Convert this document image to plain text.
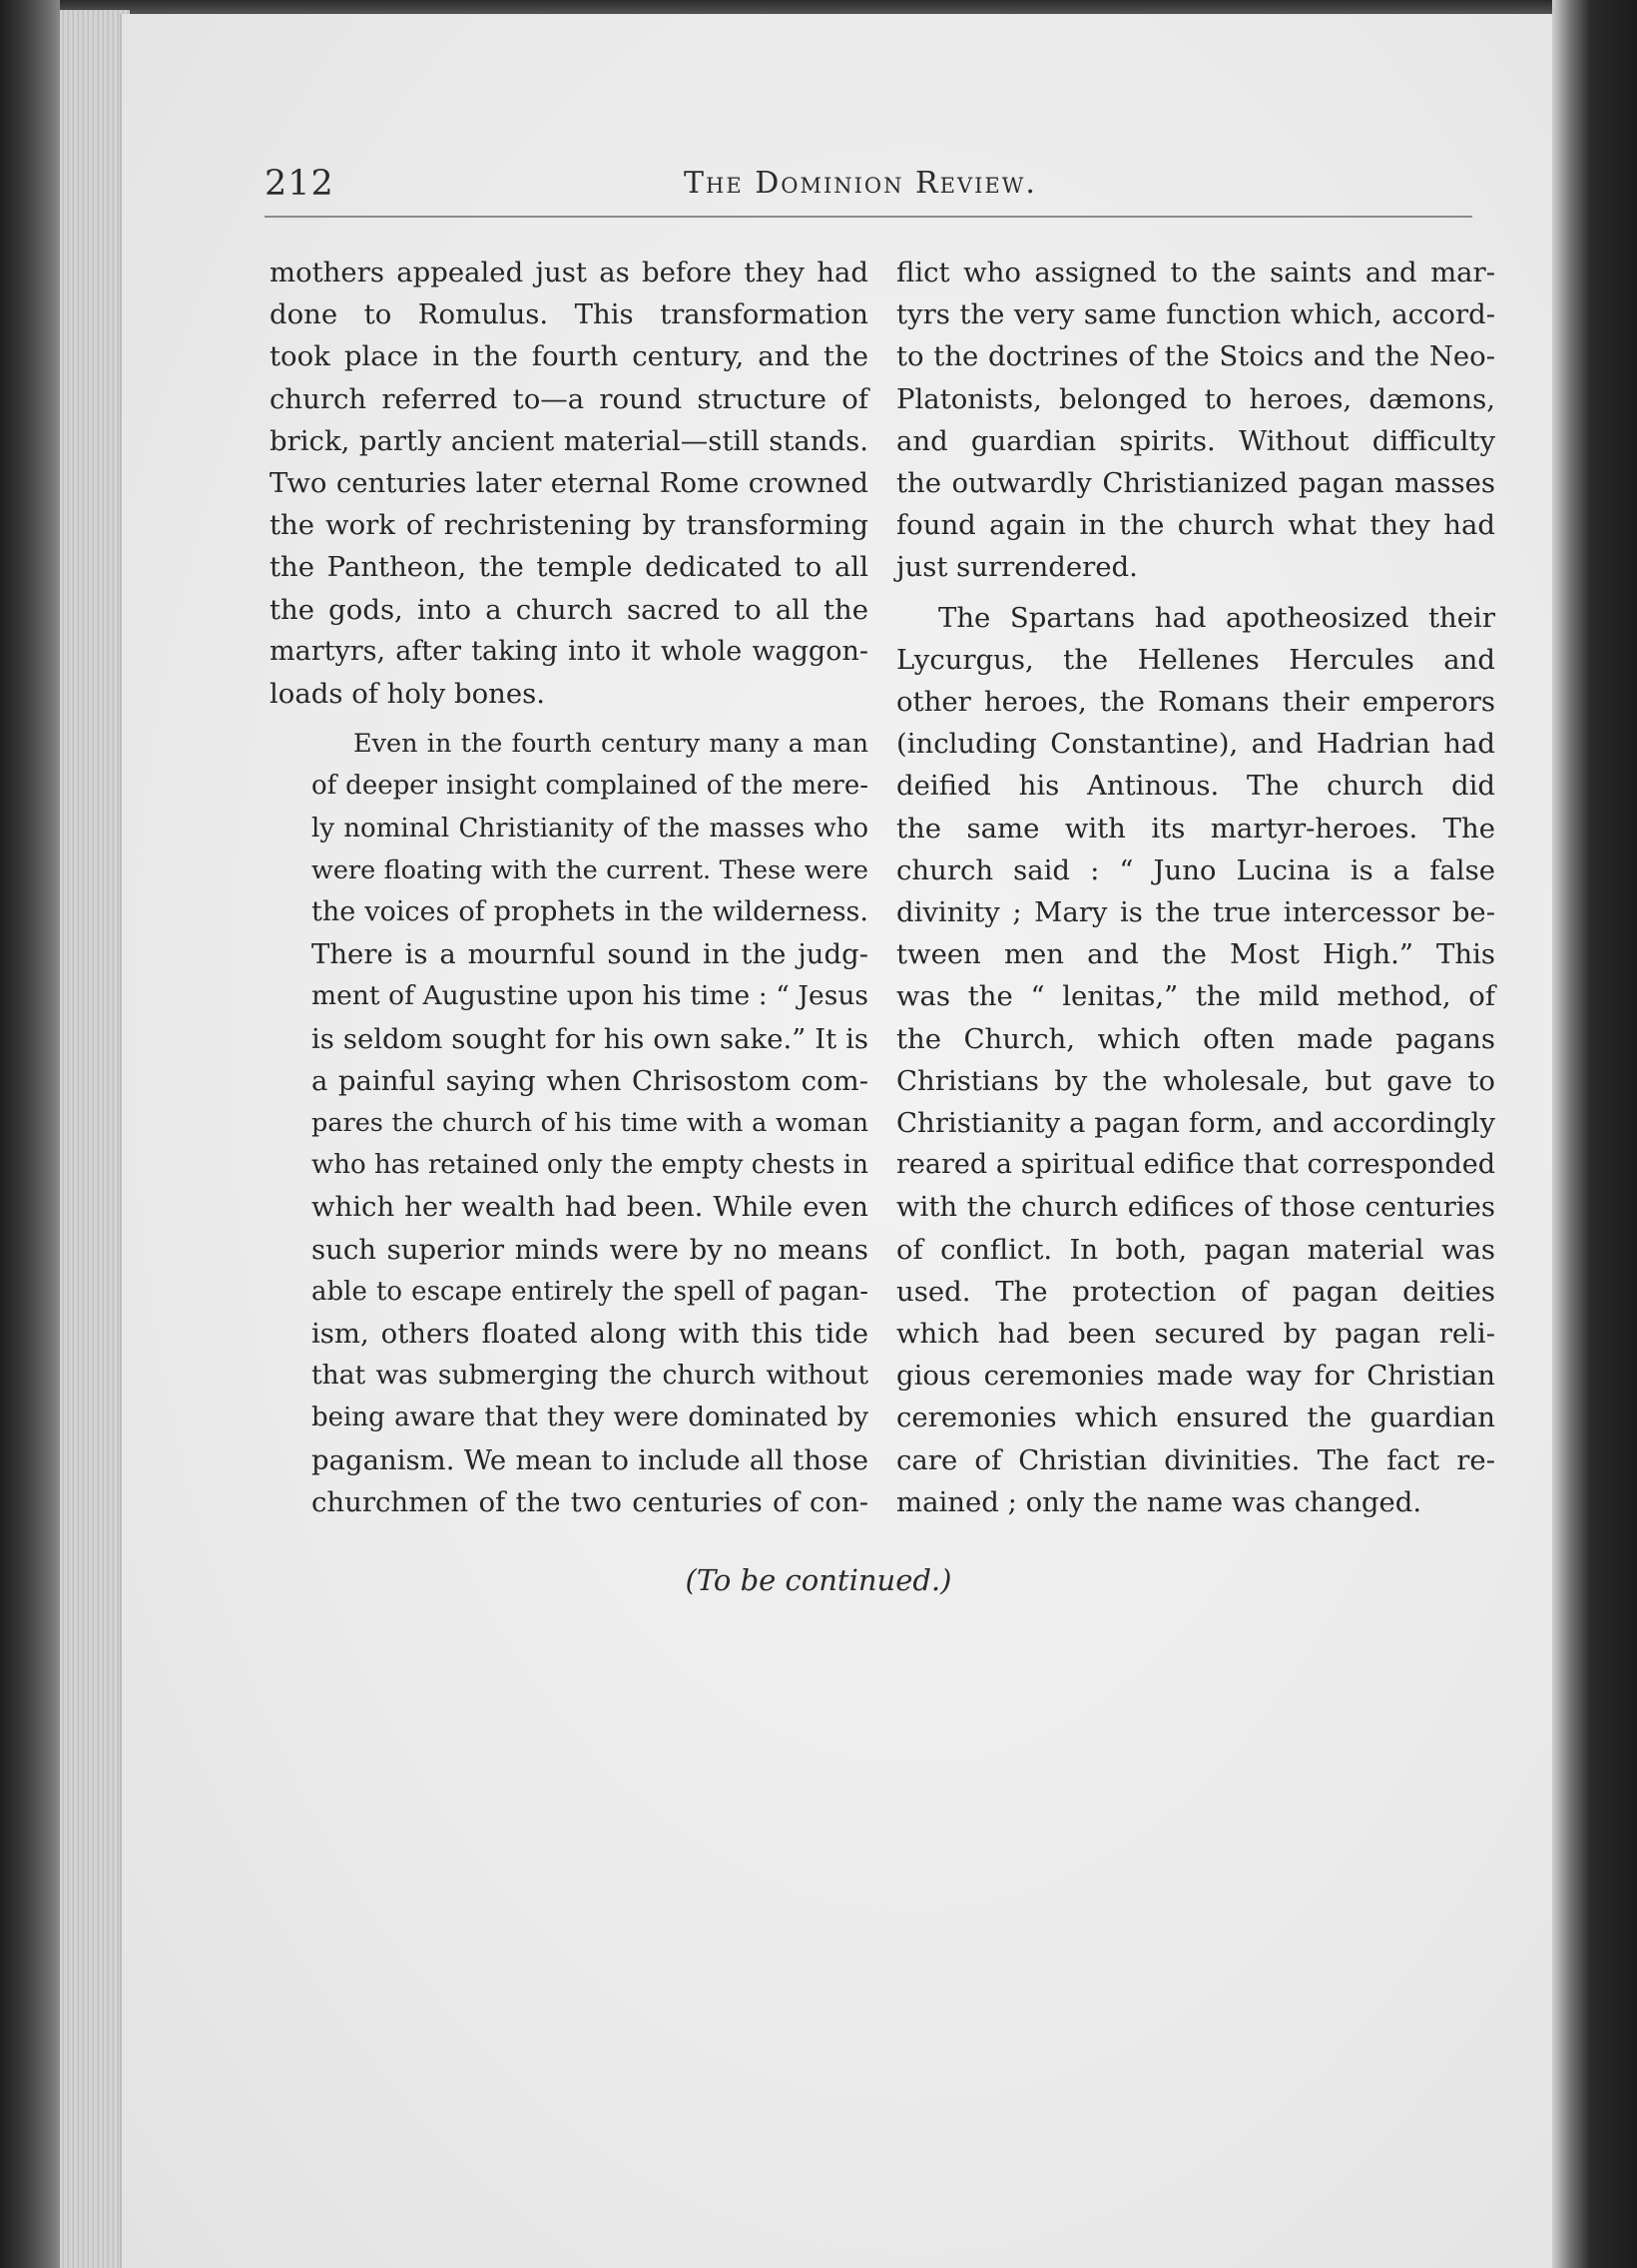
212	The Dominion Review.

mothers appealed just as before they had
done to Romulus. This transformation
took place in the fourth century, and the
church referred to—a round structure of
brick, partly ancient material—still stands.
Two centuries later eternal Rome crowned
the work of rechristening by transforming
the Pantheon, the temple dedicated to all
the gods, into a church sacred to all the
martyrs, after taking into it whole waggon-
loads of holy bones.

Even in the fourth century many a man
of deeper insight complained of the mere-
ly nominal Christianity of the masses who
were floating with the current. These were
the voices of prophets in the wilderness.
There is a mournful sound in the judg-
ment of Augustine upon his time : “ Jesus
is seldom sought for his own sake.” It is
a painful saying when Chrisostom com-
pares the church of his time with a woman
who has retained only the empty chests in
which her wealth had been. While even
such superior minds were by no means
able to escape entirely the spell of pagan-
ism, others floated along with this tide
that was submerging the church without
being aware that they were dominated by
paganism. We mean to include all those
churchmen of the two centuries of con-

flict who assigned to the saints and mar-
tyrs the very same function which, accord-
to the doctrines of the Stoics and the Neo-
Platonists, belonged to heroes, dæmons,
and guardian spirits. Without difficulty
the outwardly Christianized pagan masses
found again in the church what they had
just surrendered.

The Spartans had apotheosized their
Lycurgus, the Hellenes Hercules and
other heroes, the Romans their emperors
(including Constantine), and Hadrian had
deified his Antinous. The church did
the same with its martyr-heroes. The
church said : “ Juno Lucina is a false
divinity ; Mary is the true intercessor be-
tween men and the Most High.” This
was the “ lenitas,” the mild method, of
the Church, which often made pagans
Christians by the wholesale, but gave to
Christianity a pagan form, and accordingly
reared a spiritual edifice that corresponded
with the church edifices of those centuries
of conflict. In both, pagan material was
used. The protection of pagan deities
which had been secured by pagan reli-
gious ceremonies made way for Christian
ceremonies which ensured the guardian
care of Christian divinities. The fact re-
mained ; only the name was changed.

(To be continued.)
